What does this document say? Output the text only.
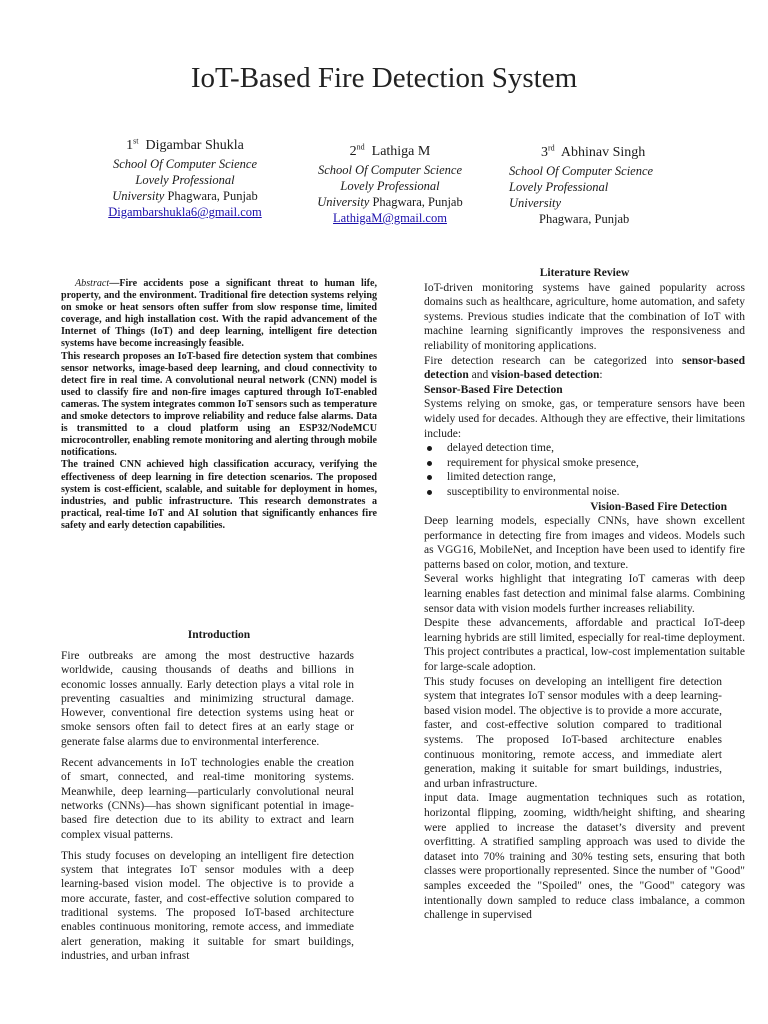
IoT-Based Fire Detection System
1st Digambar Shukla
School Of Computer Science
Lovely Professional
University Phagwara, Punjab
Digambarshukla6@gmail.com
2nd Lathiga M
School Of Computer Science
Lovely Professional
University Phagwara, Punjab
LathigaM@gmail.com
3rd Abhinav Singh
School Of Computer Science
Lovely Professional
University
Phagwara, Punjab

Abstract—Fire accidents pose a significant threat to human life, property, and the environment. Traditional fire detection systems relying on smoke or heat sensors often suffer from slow response time, limited coverage, and high installation cost. With the rapid advancement of the Internet of Things (IoT) and deep learning, intelligent fire detection systems have become increasingly feasible.

This research proposes an IoT-based fire detection system that combines sensor networks, image-based deep learning, and cloud connectivity to detect fire in real time. A convolutional neural network (CNN) model is used to classify fire and non-fire images captured through IoT-enabled cameras. The system integrates common IoT sensors such as temperature and smoke detectors to improve reliability and reduce false alarms. Data is transmitted to a cloud platform using an ESP32/NodeMCU microcontroller, enabling remote monitoring and alerting through mobile notifications.

The trained CNN achieved high classification accuracy, verifying the effectiveness of deep learning in fire detection scenarios. The proposed system is cost-efficient, scalable, and suitable for deployment in homes, industries, and public infrastructure. This research demonstrates a practical, real-time IoT and AI solution that significantly enhances fire safety and early detection capabilities.

Introduction

Fire outbreaks are among the most destructive hazards worldwide, causing thousands of deaths and billions in economic losses annually. Early detection plays a vital role in preventing casualties and minimizing structural damage. However, conventional fire detection systems using heat or smoke sensors often fail to detect fires at an early stage or generate false alarms due to environmental interference.

Recent advancements in IoT technologies enable the creation of smart, connected, and real-time monitoring systems. Meanwhile, deep learning—particularly convolutional neural networks (CNNs)—has shown significant potential in image-based fire detection due to its ability to extract and learn complex visual patterns.

This study focuses on developing an intelligent fire detection system that integrates IoT sensor modules with a deep learning-based vision model. The objective is to provide a more accurate, faster, and cost-effective solution compared to traditional systems. The proposed IoT-based architecture enables continuous monitoring, remote access, and immediate alert generation, making it suitable for smart buildings, industries, and urban infrast

Literature Review

IoT-driven monitoring systems have gained popularity across domains such as healthcare, agriculture, home automation, and safety systems. Previous studies indicate that the combination of IoT with machine learning significantly improves the responsiveness and reliability of monitoring applications.

Fire detection research can be categorized into sensor-based detection and vision-based detection:

Sensor-Based Fire Detection

Systems relying on smoke, gas, or temperature sensors have been widely used for decades. Although they are effective, their limitations include:

delayed detection time,
requirement for physical smoke presence,
limited detection range,
susceptibility to environmental noise.

Vision-Based Fire Detection

Deep learning models, especially CNNs, have shown excellent performance in detecting fire from images and videos. Models such as VGG16, MobileNet, and Inception have been used to identify fire patterns based on color, motion, and texture.

Several works highlight that integrating IoT cameras with deep learning enables fast detection and minimal false alarms. Combining sensor data with vision models further increases reliability.

Despite these advancements, affordable and practical IoT-deep learning hybrids are still limited, especially for real-time deployment. This project contributes a practical, low-cost implementation suitable for large-scale adoption.

This study focuses on developing an intelligent fire detection system that integrates IoT sensor modules with a deep learning-based vision model. The objective is to provide a more accurate, faster, and cost-effective solution compared to traditional systems. The proposed IoT-based architecture enables continuous monitoring, remote access, and immediate alert generation, making it suitable for smart buildings, industries, and urban infrastructure.

input data. Image augmentation techniques such as rotation, horizontal flipping, zooming, width/height shifting, and shearing were applied to increase the dataset’s diversity and prevent overfitting. A stratified sampling approach was used to divide the dataset into 70% training and 30% testing sets, ensuring that both classes were proportionally represented. Since the number of "Good" samples exceeded the "Spoiled" ones, the "Good" category was intentionally down sampled to reduce class imbalance, a common challenge in supervised
